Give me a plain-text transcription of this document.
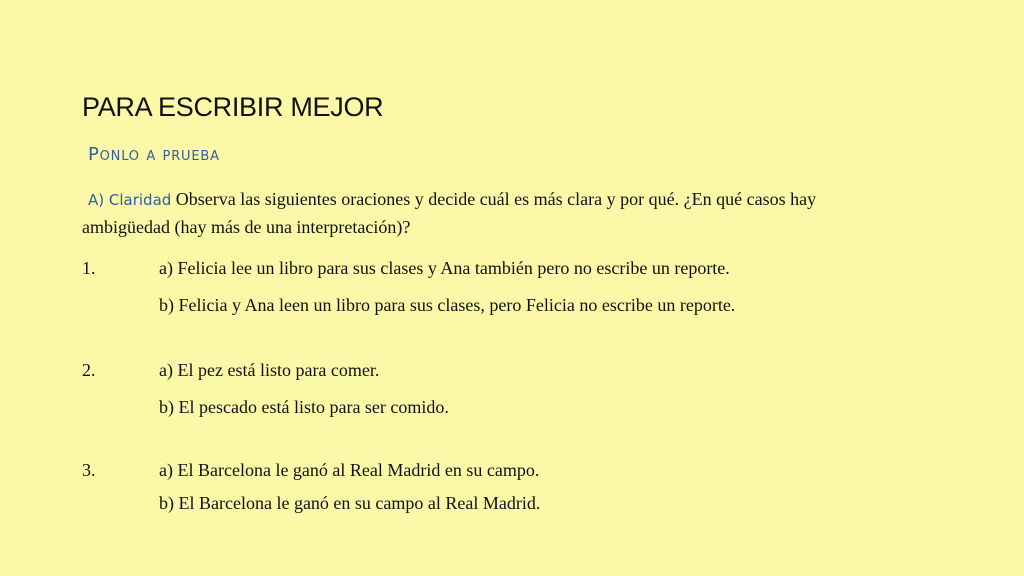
PARA ESCRIBIR MEJOR
Ponlo a prueba
A) Claridad Observa las siguientes oraciones y decide cuál es más clara y por qué. ¿En qué casos hay ambigüedad (hay más de una interpretación)?
1.	a) Felicia lee un libro para sus clases y Ana también pero no escribe un reporte.
b) Felicia y Ana leen un libro para sus clases, pero Felicia no escribe un reporte.
2.	a) El pez está listo para comer.
b) El pescado está listo para ser comido.
3.	a) El Barcelona le ganó al Real Madrid en su campo.
b) El Barcelona le ganó en su campo al Real Madrid.
